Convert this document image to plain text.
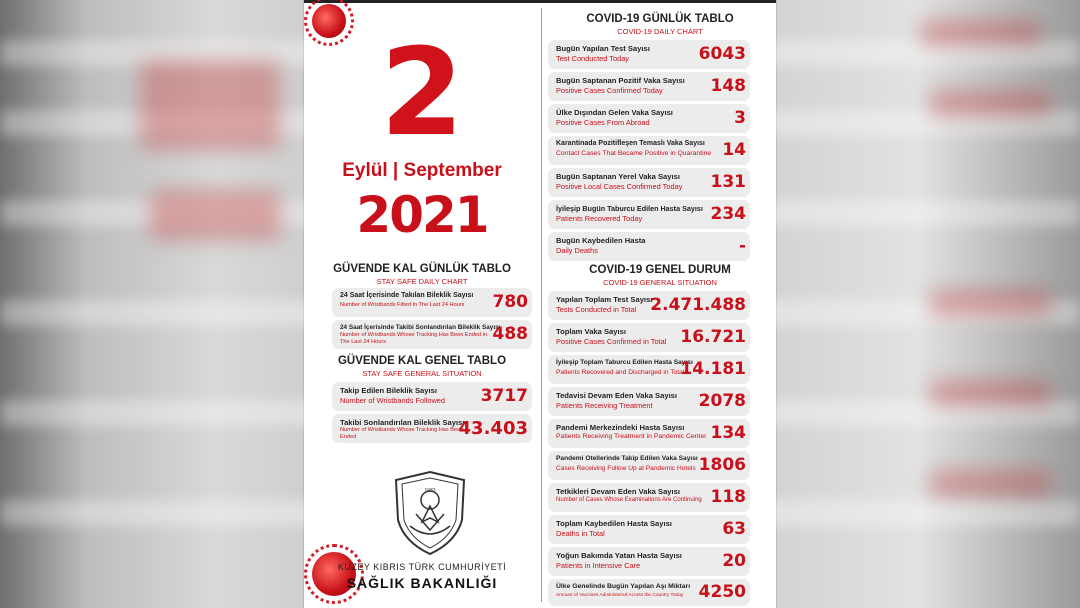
2
Eylül | September
2021
GÜVENDE KAL GÜNLÜK TABLO
STAY SAFE DAILY CHART
24 Saat İçerisinde Takılan Bileklik Sayısı
Number of Wristbands Fitted in The Last 24 Hours 780
24 Saat İçerisinde Takibi Sonlandırılan Bileklik Sayısı
Number of Wristbands Whose Tracking Has Been Ended in The Last 24 Hours	488
GÜVENDE KAL GENEL TABLO
STAY SAFE GENERAL SITUATION
Takip Edilen Bileklik Sayısı
Number of Wristbands Followed 3717
Takibi Sonlandırılan Bileklik Sayısı
Number of Wristbands Whose Tracking Has Been Ended	43.403
1983
KUZEY KIBRIS TÜRK CUMHURİYETİ
SAĞLIK BAKANLIĞI
COVID-19 GÜNLÜK TABLO
COVID-19 DAILY CHART
Bugün Yapılan Test Sayısı
Test Conducted Today	6043
Bugün Saptanan Pozitif Vaka Sayısı
Positive Cases Confirmed Today	148
Ülke Dışından Gelen Vaka Sayısı
Positive Cases From Abroad	3
Karantinada Pozitifleşen Temaslı Vaka Sayısı
Contact Cases That Became Positive in Quarantine 14
Bugün Saptanan Yerel Vaka Sayısı
Positive Local Cases Confirmed Today 131
İyileşip Bugün Taburcu Edilen Hasta Sayısı
Patients Recovered Today	234
Bugün Kaybedilen Hasta
Daily Deaths	-
COVID-19 GENEL DURUM
COVID-19 GENERAL SITUATION
Yapılan Toplam Test Sayısı
Tests Conducted in Total 2.471.488
Toplam Vaka Sayısı
Positive Cases Confirmed in Total 16.721
İyileşip Toplam Taburcu Edilen Hasta Sayısı
Patients Recovered and Discharged in Total
14.181
Tedavisi Devam Eden Vaka Sayısı
Patients Receiving Treatment	2078
Pandemi Merkezindeki Hasta Sayısı
Patients Receiving Treatment in Pandemic Center 134
Pandemi Otellerinde Takip Edilen Vaka Sayısı
Cases Receiving Follow Up at Pandemic Hotels 1806
Tetkikleri Devam Eden Vaka Sayısı
Number of Cases Whose Examinations Are Continuing 118
Toplam Kaybedilen Hasta Sayısı
Deaths in Total	63
Yoğun Bakımda Yatan Hasta Sayısı
Patients in Intensive Care	20
Ülke Genelinde Bugün Yapılan Aşı Miktarı
Amount of Vaccines Administered Across the Country Today 4250
